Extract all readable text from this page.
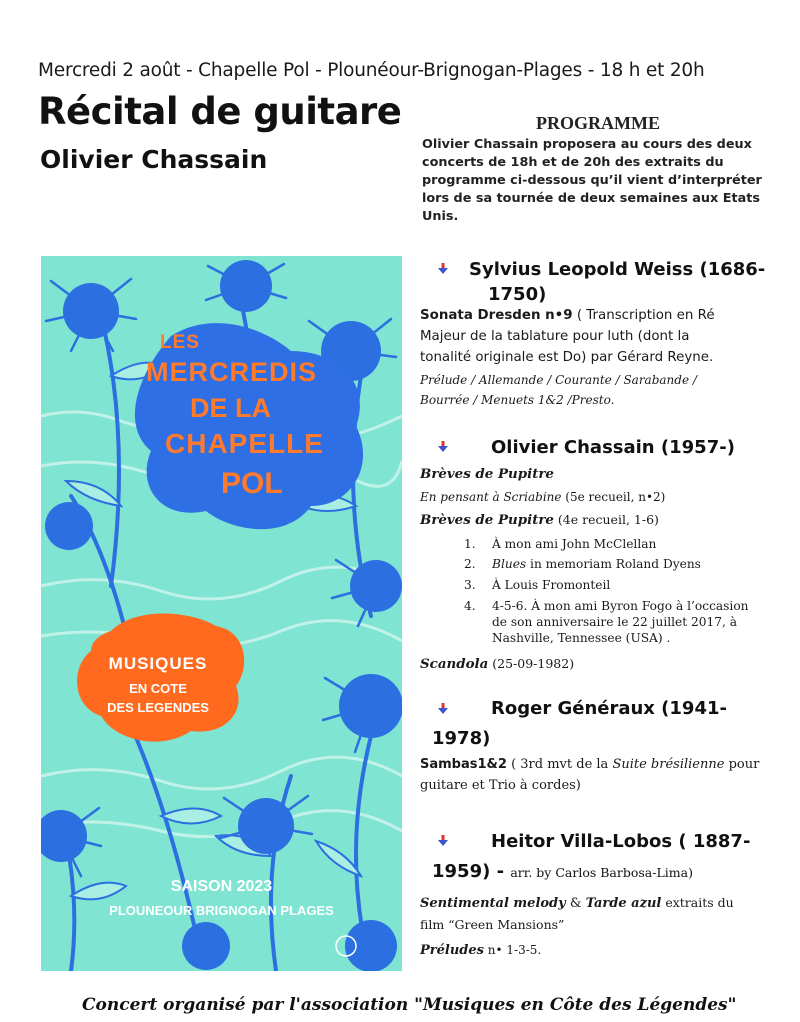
Mercredi 2 août - Chapelle Pol - Plounéour-Brignogan-Plages - 18 h et 20h
Récital de guitare
Olivier Chassain
PROGRAMME
Olivier Chassain proposera au cours des deux
concerts de 18h et de 20h des extraits du
programme ci-dessous qu’il vient d’interpréter
lors de sa tournée de deux semaines aux Etats
Unis.
LES
MERCREDIS
DE LA
CHAPELLE
POL
MUSIQUES
EN COTE
DES LEGENDES
SAISON 2023
PLOUNEOUR BRIGNOGAN PLAGES
Sylvius Leopold Weiss (1686-
1750)
Sonata Dresden n•9 ( Transcription en Ré
Majeur de la tablature pour luth (dont la
tonalité originale est Do) par Gérard Reyne.
Prélude / Allemande / Courante / Sarabande /
Bourrée / Menuets 1&2 /Presto.
Olivier Chassain (1957-)
Brèves de Pupitre
En pensant à Scriabine (5e recueil, n•2)
Brèves de Pupitre (4e recueil, 1-6)
1. À mon ami John McClellan
2. Blues in memoriam Roland Dyens
3. À Louis Fromonteil
4. 4-5-6. À mon ami Byron Fogo à l’occasion
de son anniversaire le 22 juillet 2017, à
Nashville, Tennessee (USA) .
Scandola (25-09-1982)
Roger Généraux (1941-
1978)
Sambas1&2 ( 3rd mvt de la Suite brésilienne pour
guitare et Trio à cordes)
Heitor Villa-Lobos ( 1887-
1959) - arr. by Carlos Barbosa-Lima)
Sentimental melody & Tarde azul extraits du
film “Green Mansions”
Préludes n• 1-3-5.
Concert organisé par l'association "Musiques en Côte des Légendes"
